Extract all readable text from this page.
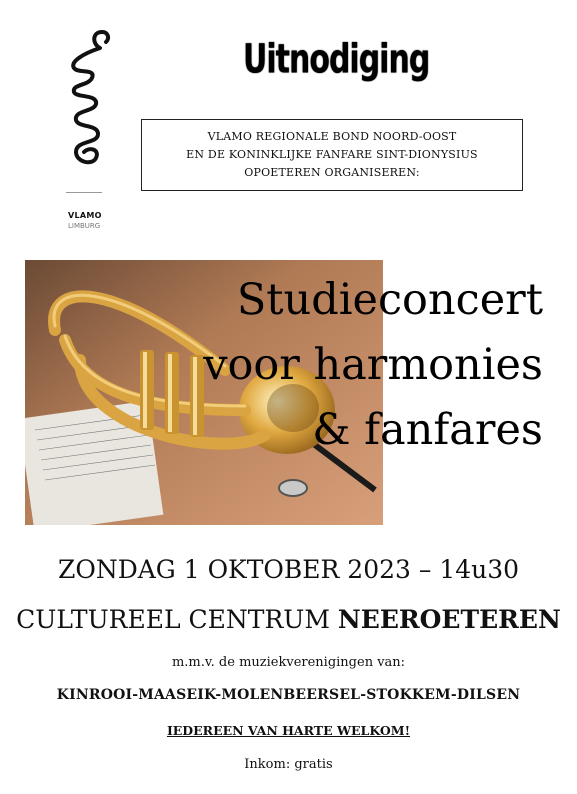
VLAMO
LIMBURG
Uitnodiging
VLAMO REGIONALE BOND NOORD-OOST
EN DE KONINKLIJKE FANFARE SINT-DIONYSIUS
OPOETEREN ORGANISEREN:
Studieconcert
voor harmonies
& fanfares
ZONDAG 1 OKTOBER 2023 – 14u30
CULTUREEL CENTRUM NEEROETEREN
m.m.v. de muziekverenigingen van:
KINROOI-MAASEIK-MOLENBEERSEL-STOKKEM-DILSEN
IEDEREEN VAN HARTE WELKOM!
Inkom: gratis
